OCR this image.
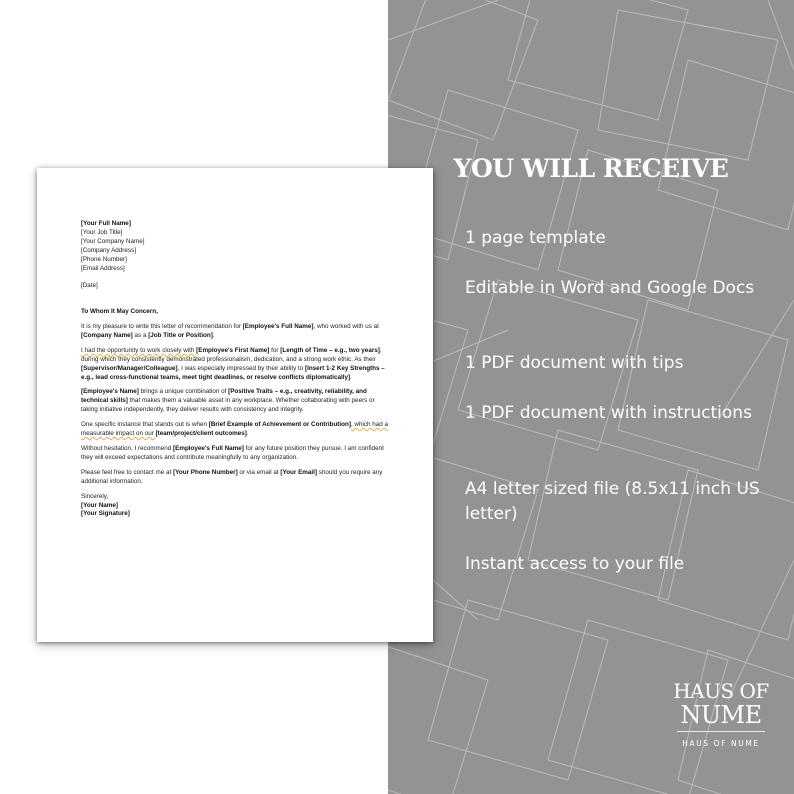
[Your Full Name]

[Your Job Title]

[Your Company Name]

[Company Address]

[Phone Number]

[Email Address]

[Date]

To Whom It May Concern,

It is my pleasure to write this letter of recommendation for [Employee's Full Name], who worked with us at [Company Name] as a [Job Title or Position].

I had the opportunity to work closely with [Employee's First Name] for [Length of Time – e.g., two years], during which they consistently demonstrated professionalism, dedication, and a strong work ethic. As their [Supervisor/Manager/Colleague], I was especially impressed by their ability to [Insert 1-2 Key Strengths – e.g., lead cross-functional teams, meet tight deadlines, or resolve conflicts diplomatically].

[Employee's Name] brings a unique combination of [Positive Traits – e.g., creativity, reliability, and technical skills] that makes them a valuable asset in any workplace. Whether collaborating with peers or taking initiative independently, they deliver results with consistency and integrity.

One specific instance that stands out is when [Brief Example of Achievement or Contribution], which had a measurable impact on our [team/project/client outcomes].

Without hesitation, I recommend [Employee's Full Name] for any future position they pursue. I am confident they will exceed expectations and contribute meaningfully to any organization.

Please feel free to contact me at [Your Phone Number] or via email at [Your Email] should you require any additional information.

Sincerely,

[Your Name]

[Your Signature]

YOU WILL RECEIVE
1 page template
Editable in Word and Google Docs
1 PDF document with tips
1 PDF document with instructions
A4 letter sized file (8.5x11 inch US letter)
Instant access to your file
HAUS OF
NUME
HAUS OF NUME
